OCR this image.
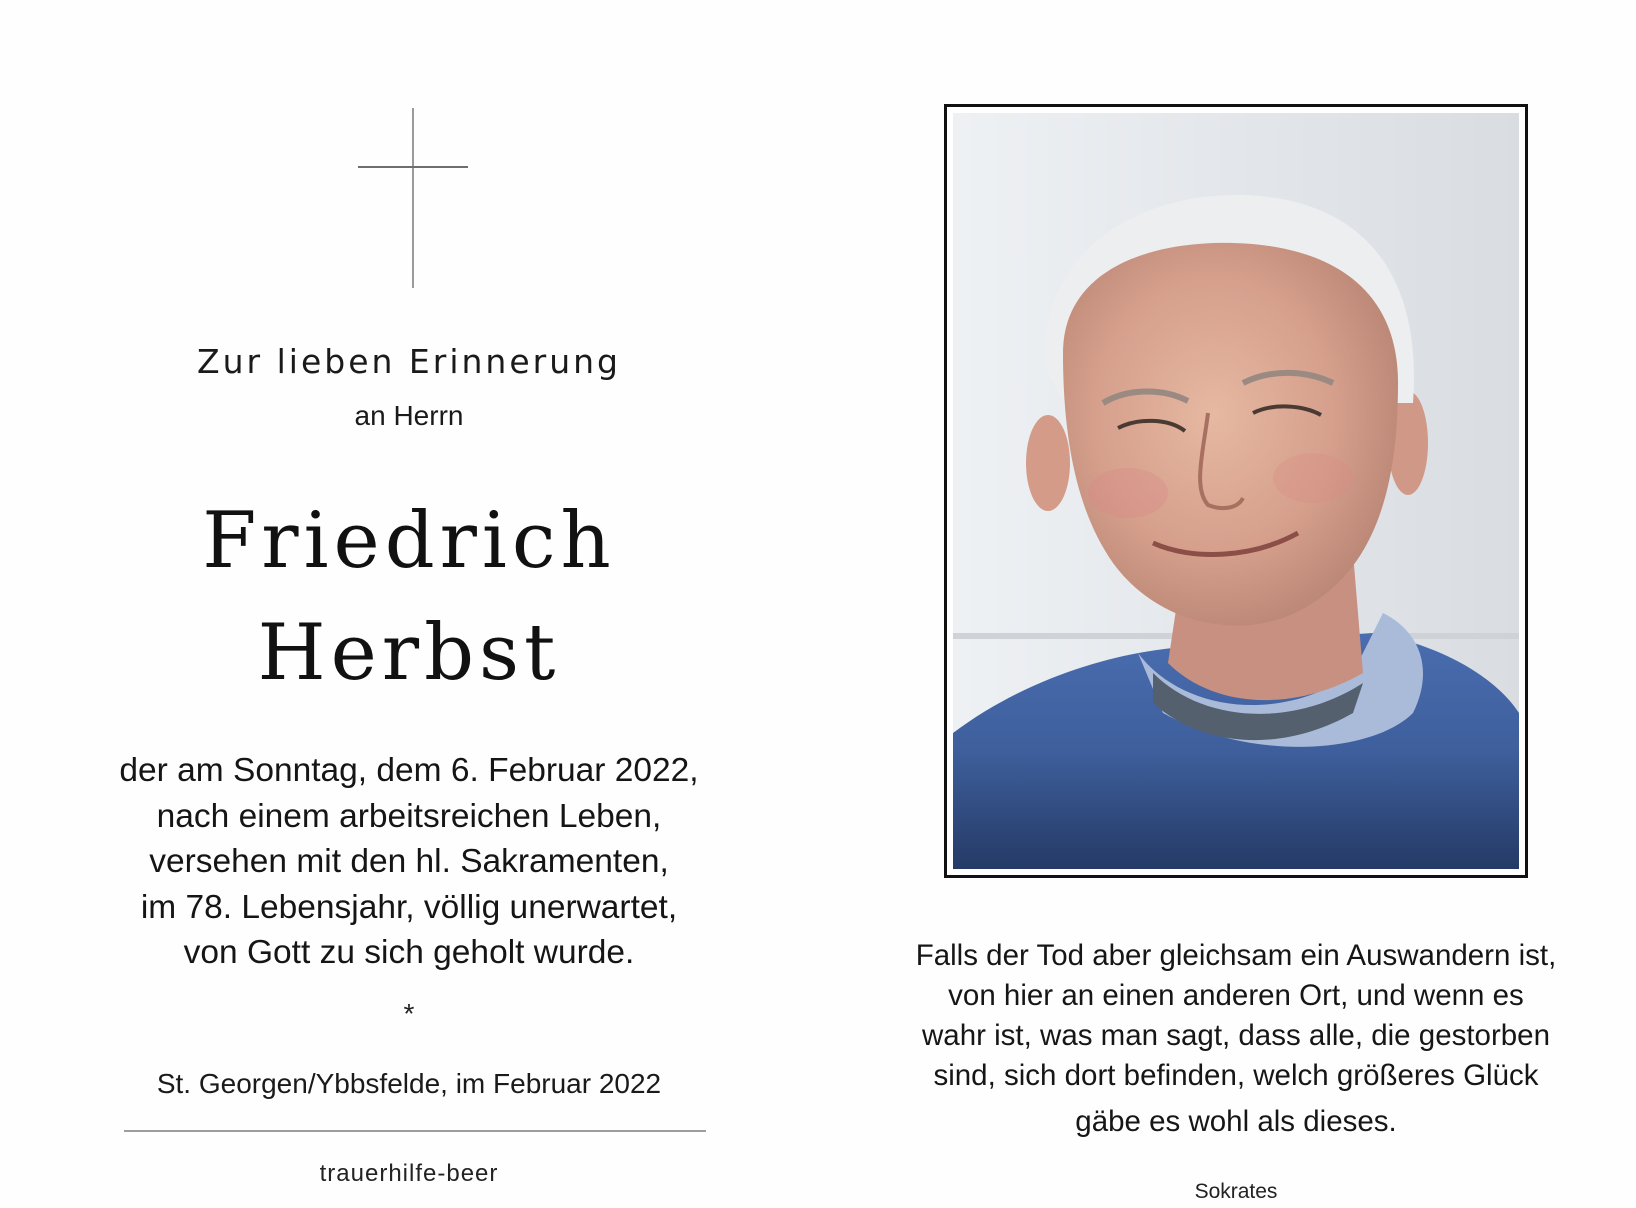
Zur lieben Erinnerung
an Herrn
Friedrich
Herbst
der am Sonntag, dem 6. Februar 2022,
nach einem arbeitsreichen Leben,
versehen mit den hl. Sakramenten,
im 78. Lebensjahr, völlig unerwartet,
von Gott zu sich geholt wurde.
*
St. Georgen/Ybbsfelde, im Februar 2022
trauerhilfe-beer
Falls der Tod aber gleichsam ein Auswandern ist,
von hier an einen anderen Ort, und wenn es
wahr ist, was man sagt, dass alle, die gestorben
sind, sich dort befinden, welch größeres Glück
gäbe es wohl als dieses.
Sokrates
